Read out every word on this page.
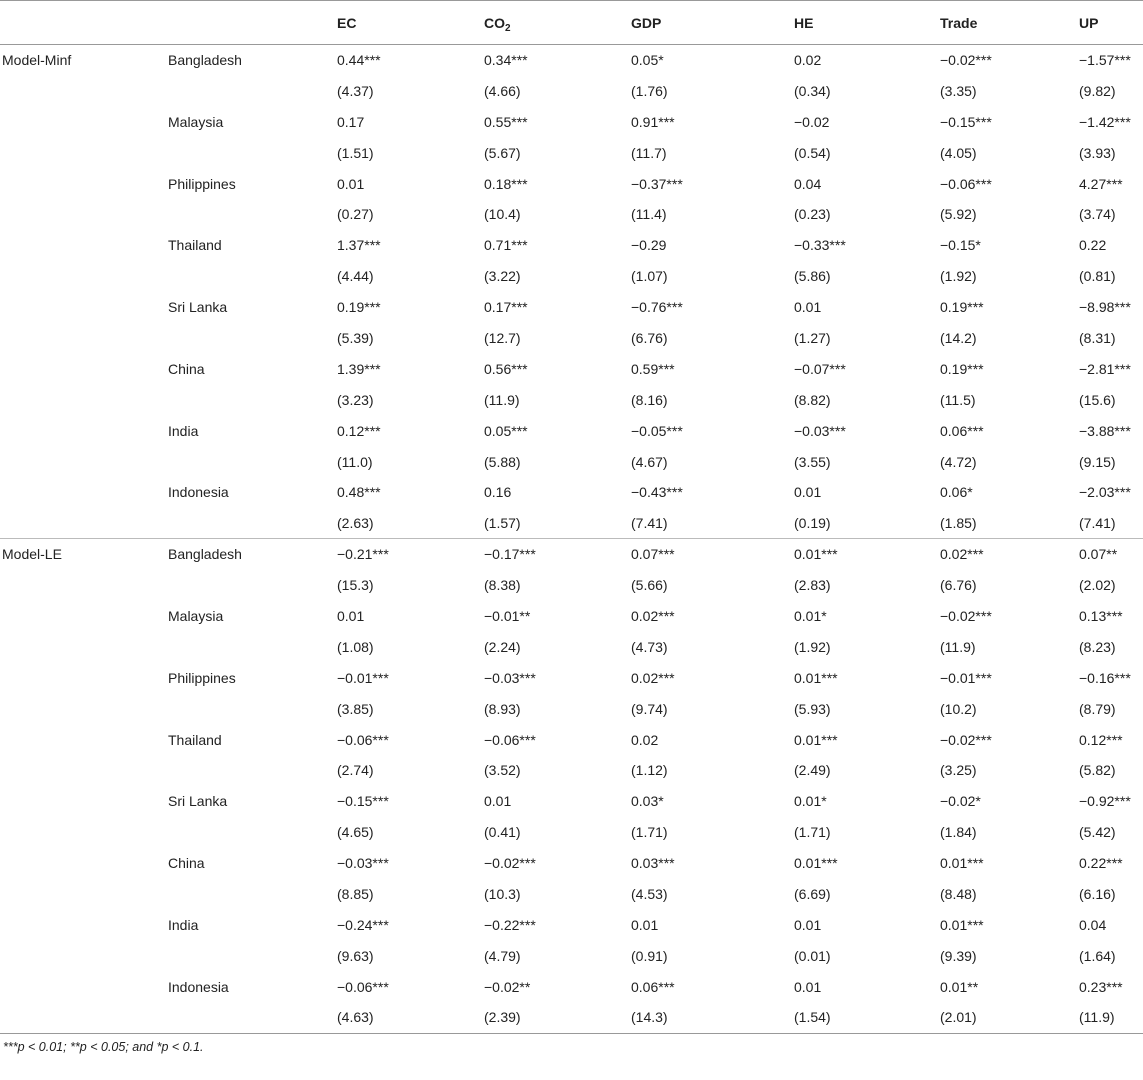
		EC	$CO_2$	GDP	HE	Trade	UP
Model-Minf	Bangladesh	0.44***	0.34***	0.05*	0.02	−0.02***	−1.57***
		(4.37)	(4.66)	(1.76)	(0.34)	(3.35)	(9.82)
	Malaysia	0.17	0.55***	0.91***	−0.02	−0.15***	−1.42***
		(1.51)	(5.67)	(11.7)	(0.54)	(4.05)	(3.93)
	Philippines	0.01	0.18***	−0.37***	0.04	−0.06***	4.27***
		(0.27)	(10.4)	(11.4)	(0.23)	(5.92)	(3.74)
	Thailand	1.37***	0.71***	−0.29	−0.33***	−0.15*	0.22
		(4.44)	(3.22)	(1.07)	(5.86)	(1.92)	(0.81)
	Sri Lanka	0.19***	0.17***	−0.76***	0.01	0.19***	−8.98***
		(5.39)	(12.7)	(6.76)	(1.27)	(14.2)	(8.31)
	China	1.39***	0.56***	0.59***	−0.07***	0.19***	−2.81***
		(3.23)	(11.9)	(8.16)	(8.82)	(11.5)	(15.6)
	India	0.12***	0.05***	−0.05***	−0.03***	0.06***	−3.88***
		(11.0)	(5.88)	(4.67)	(3.55)	(4.72)	(9.15)
	Indonesia	0.48***	0.16	−0.43***	0.01	0.06*	−2.03***
		(2.63)	(1.57)	(7.41)	(0.19)	(1.85)	(7.41)
Model-LE	Bangladesh	−0.21***	−0.17***	0.07***	0.01***	0.02***	0.07**
		(15.3)	(8.38)	(5.66)	(2.83)	(6.76)	(2.02)
	Malaysia	0.01	−0.01**	0.02***	0.01*	−0.02***	0.13***
		(1.08)	(2.24)	(4.73)	(1.92)	(11.9)	(8.23)
	Philippines	−0.01***	−0.03***	0.02***	0.01***	−0.01***	−0.16***
		(3.85)	(8.93)	(9.74)	(5.93)	(10.2)	(8.79)
	Thailand	−0.06***	−0.06***	0.02	0.01***	−0.02***	0.12***
		(2.74)	(3.52)	(1.12)	(2.49)	(3.25)	(5.82)
	Sri Lanka	−0.15***	0.01	0.03*	0.01*	−0.02*	−0.92***
		(4.65)	(0.41)	(1.71)	(1.71)	(1.84)	(5.42)
	China	−0.03***	−0.02***	0.03***	0.01***	0.01***	0.22***
		(8.85)	(10.3)	(4.53)	(6.69)	(8.48)	(6.16)
	India	−0.24***	−0.22***	0.01	0.01	0.01***	0.04
		(9.63)	(4.79)	(0.91)	(0.01)	(9.39)	(1.64)
	Indonesia	−0.06***	−0.02**	0.06***	0.01	0.01**	0.23***
		(4.63)	(2.39)	(14.3)	(1.54)	(2.01)	(11.9)
***p < 0.01; **p < 0.05; and *p < 0.1.
